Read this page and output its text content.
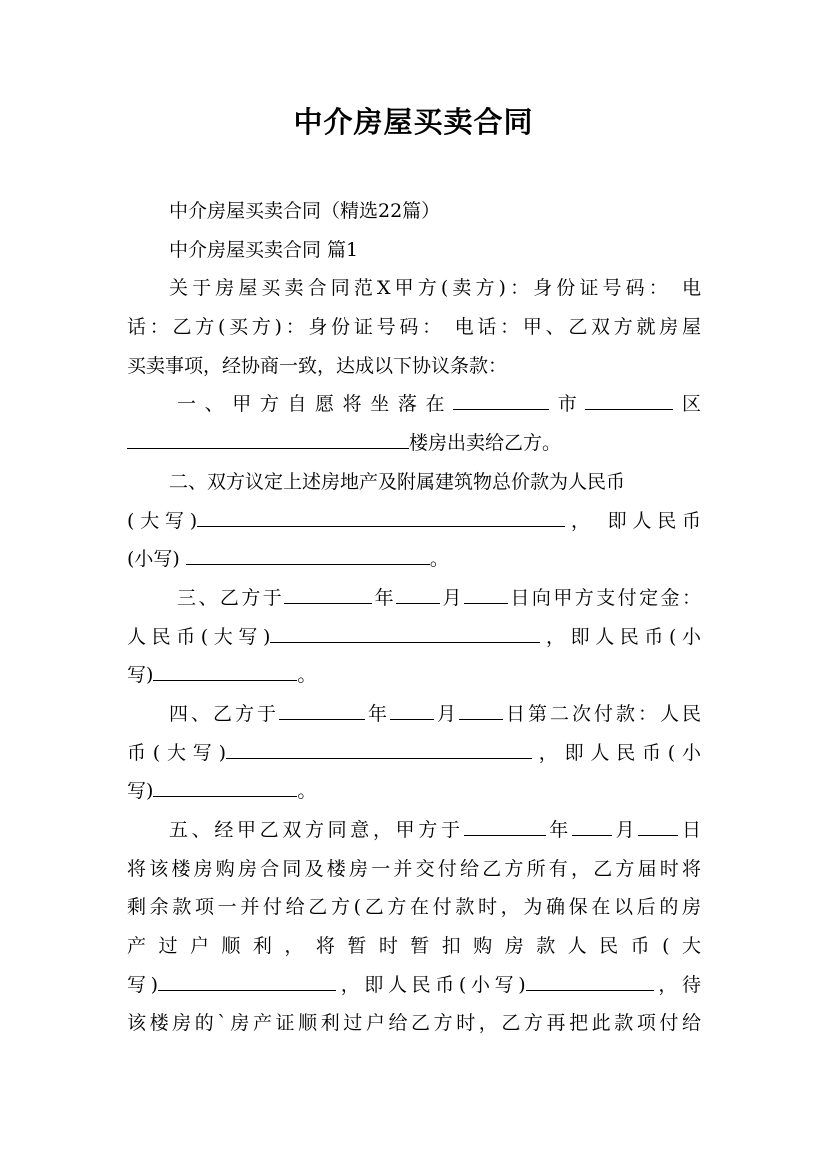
中介房屋买卖合同
中介房屋买卖合同（精选22篇）
中介房屋买卖合同 篇1
关于房屋买卖合同范X甲方(卖方)：身份证号码： 电
话：乙方(买方)：身份证号码： 电话：甲、乙双方就房屋
买卖事项，经协商一致，达成以下协议条款：
一、甲方自愿将坐落在	市	区
楼房出卖给乙方。
二、双方议定上述房地产及附属建筑物总价款为人民币
(大写)	， 即人民币
(小写)	。
三、乙方于	年 月 日向甲方支付定金：
人民币(大写)	，即人民币(小
写)	。
四、乙方于	年 月 日第二次付款：人民
币(大写)	，即人民币(小
写)	。
五、经甲乙双方同意，甲方于	年 月 日
将该楼房购房合同及楼房一并交付给乙方所有，乙方届时将
剩余款项一并付给乙方(乙方在付款时，为确保在以后的房
产过户顺利，将暂时暂扣购房款人民币(大
写)	，即人民币(小写)	，待
该楼房的`房产证顺利过户给乙方时，乙方再把此款项付给
